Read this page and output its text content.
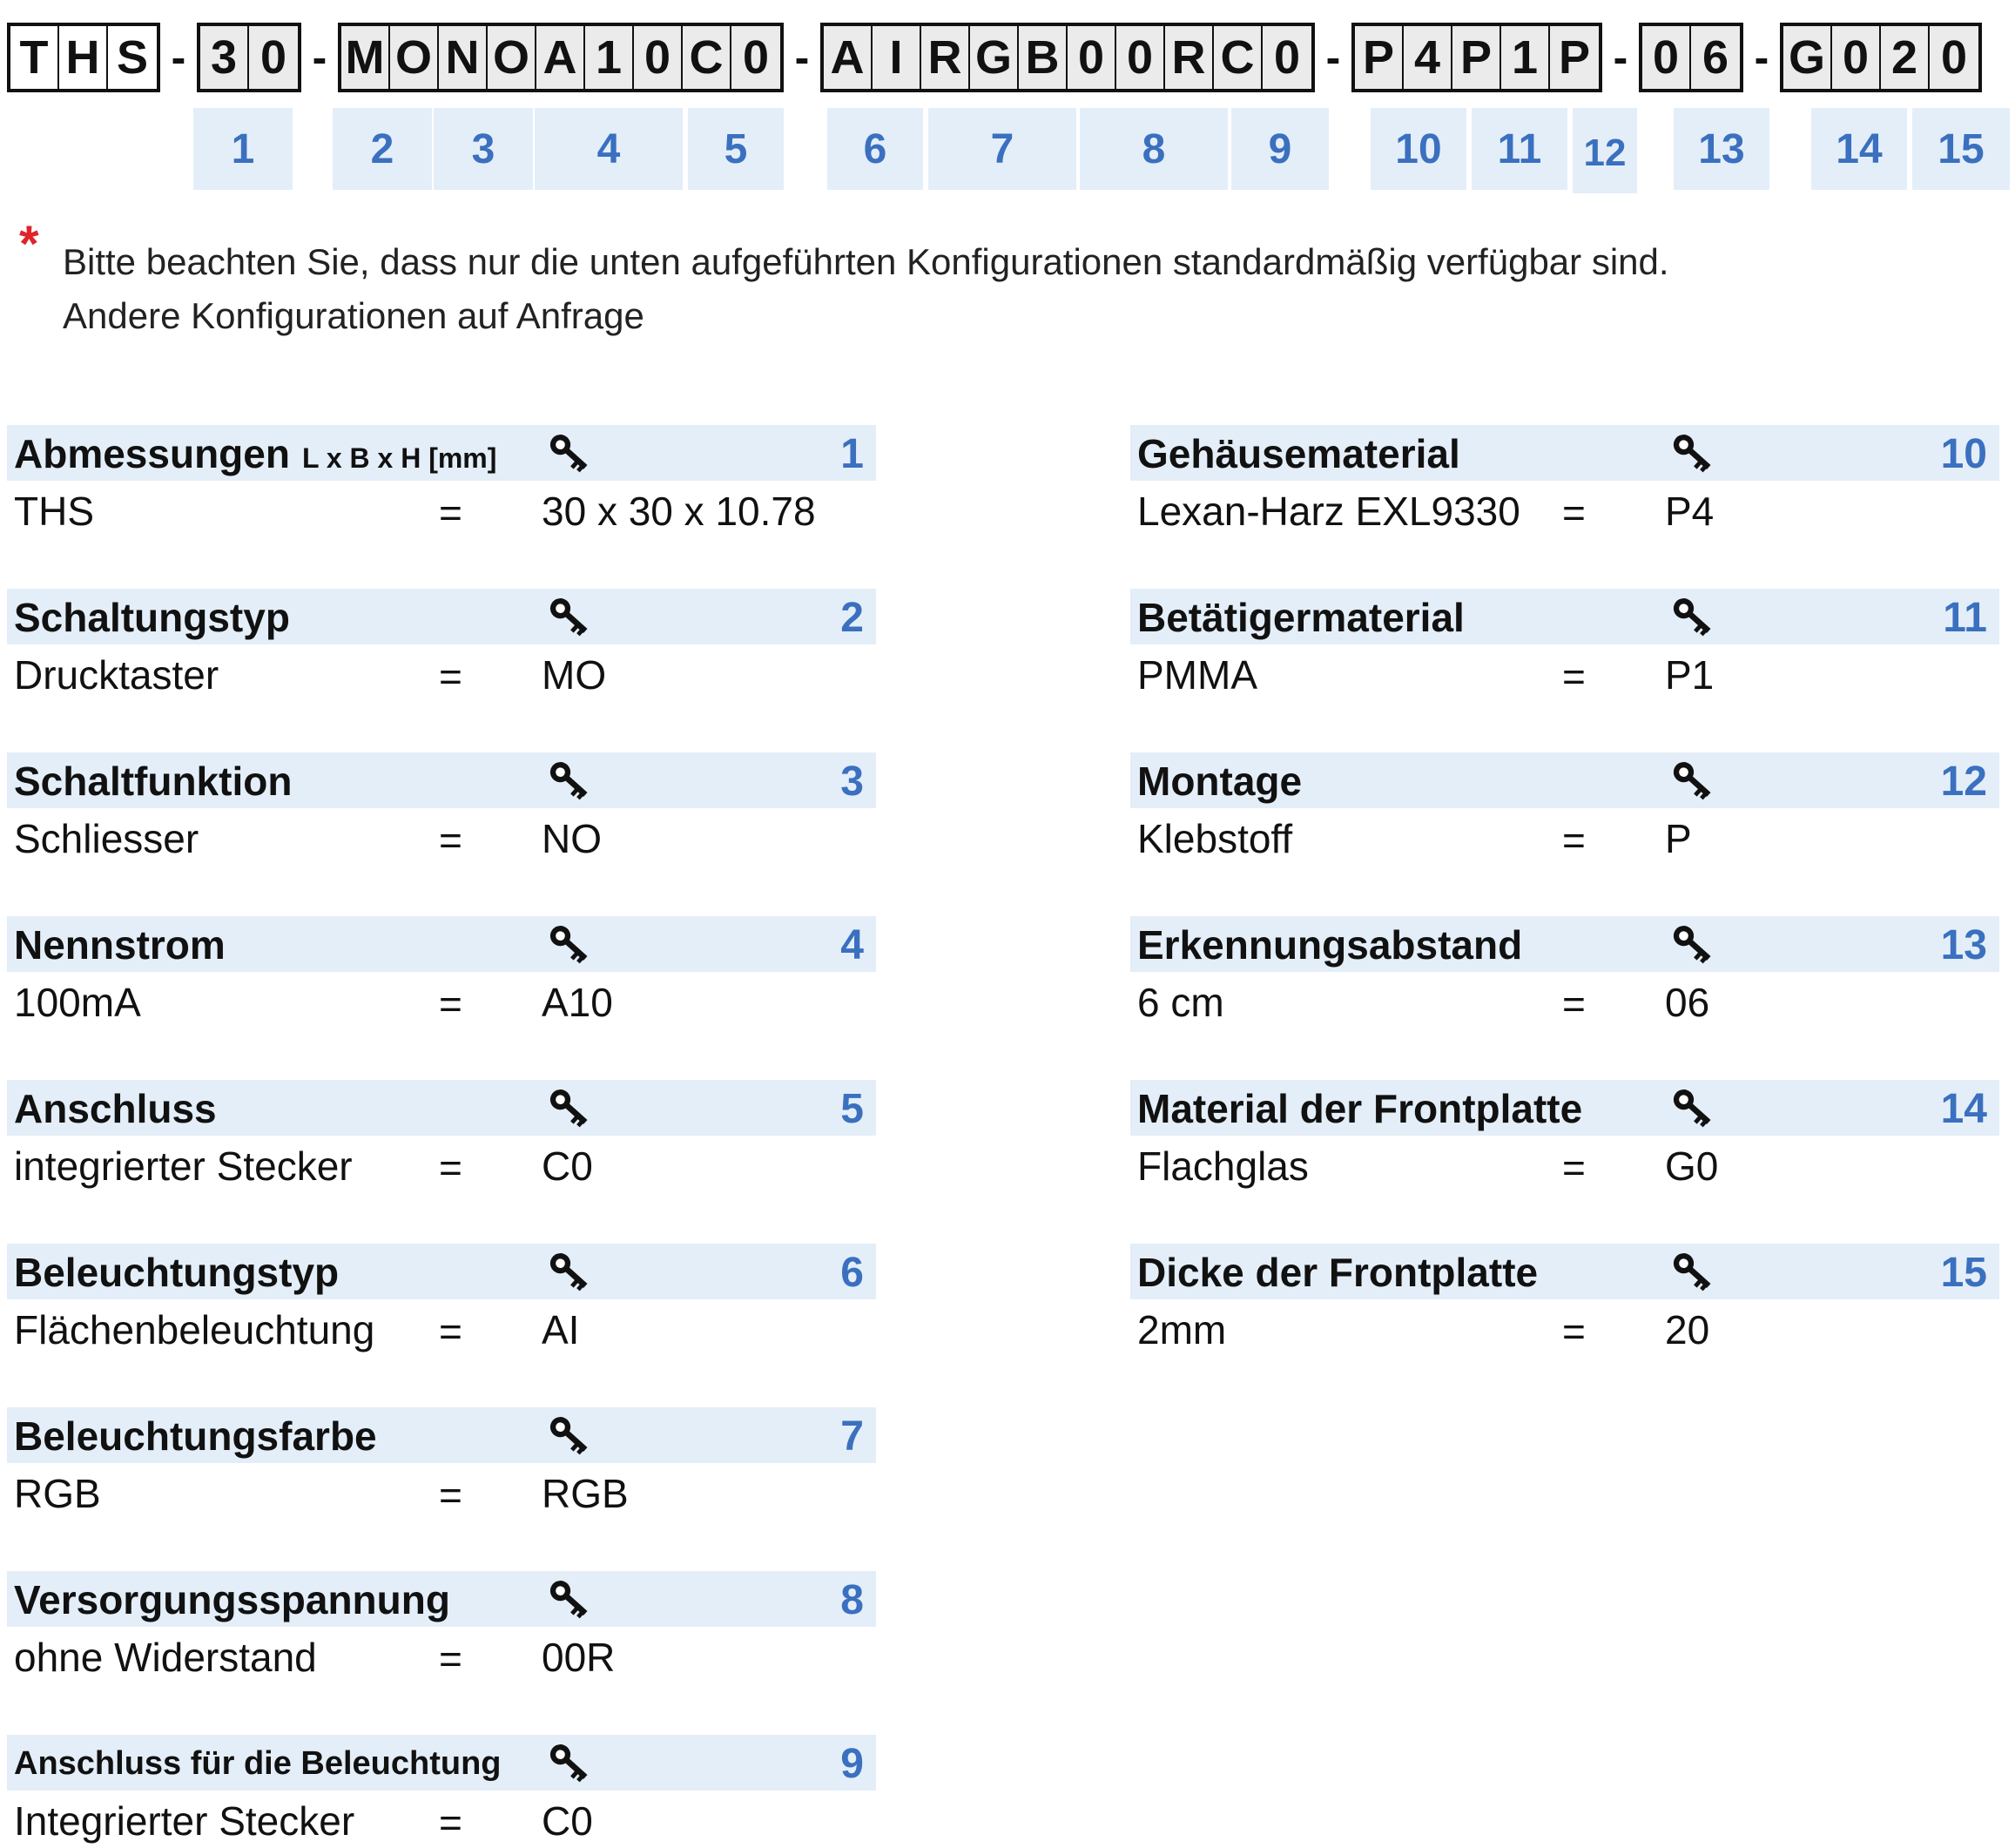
T H S - 3 0 - M O N O A 1 0 C 0 - A I R G B 0 0 R C 0 - P 4 P 1 P - 0 6 - G 0 2 0
1	2	3	4	5	6	7	8	9	10	11	12	13	14	15
* Bitte beachten Sie, dass nur die unten aufgeführten Konfigurationen standardmäßig verfügbar sind.
Andere Konfigurationen auf Anfrage
Abmessungen L x B x H [mm]	1
THS	= 30 x 30 x 10.78
Schaltungstyp	2
Drucktaster	= MO
Schaltfunktion	3
Schliesser	= NO
Nennstrom	4
100mA	= A10
Anschluss	5
integrierter Stecker = C0
Beleuchtungstyp	6
Flächenbeleuchtung = AI
Beleuchtungsfarbe	7
RGB	= RGB
Versorgungsspannung	8
ohne Widerstand	= 00R
Anschluss für die Beleuchtung	9
Integrierter Stecker = C0
Gehäusematerial	10
Lexan-Harz EXL9330 = P4
Betätigermaterial	11
PMMA	= P1
Montage	12
Klebstoff	= P
Erkennungsabstand	13
6 cm	= 06
Material der Frontplatte	14
Flachglas	= G0
Dicke der Frontplatte	15
2mm	= 20
